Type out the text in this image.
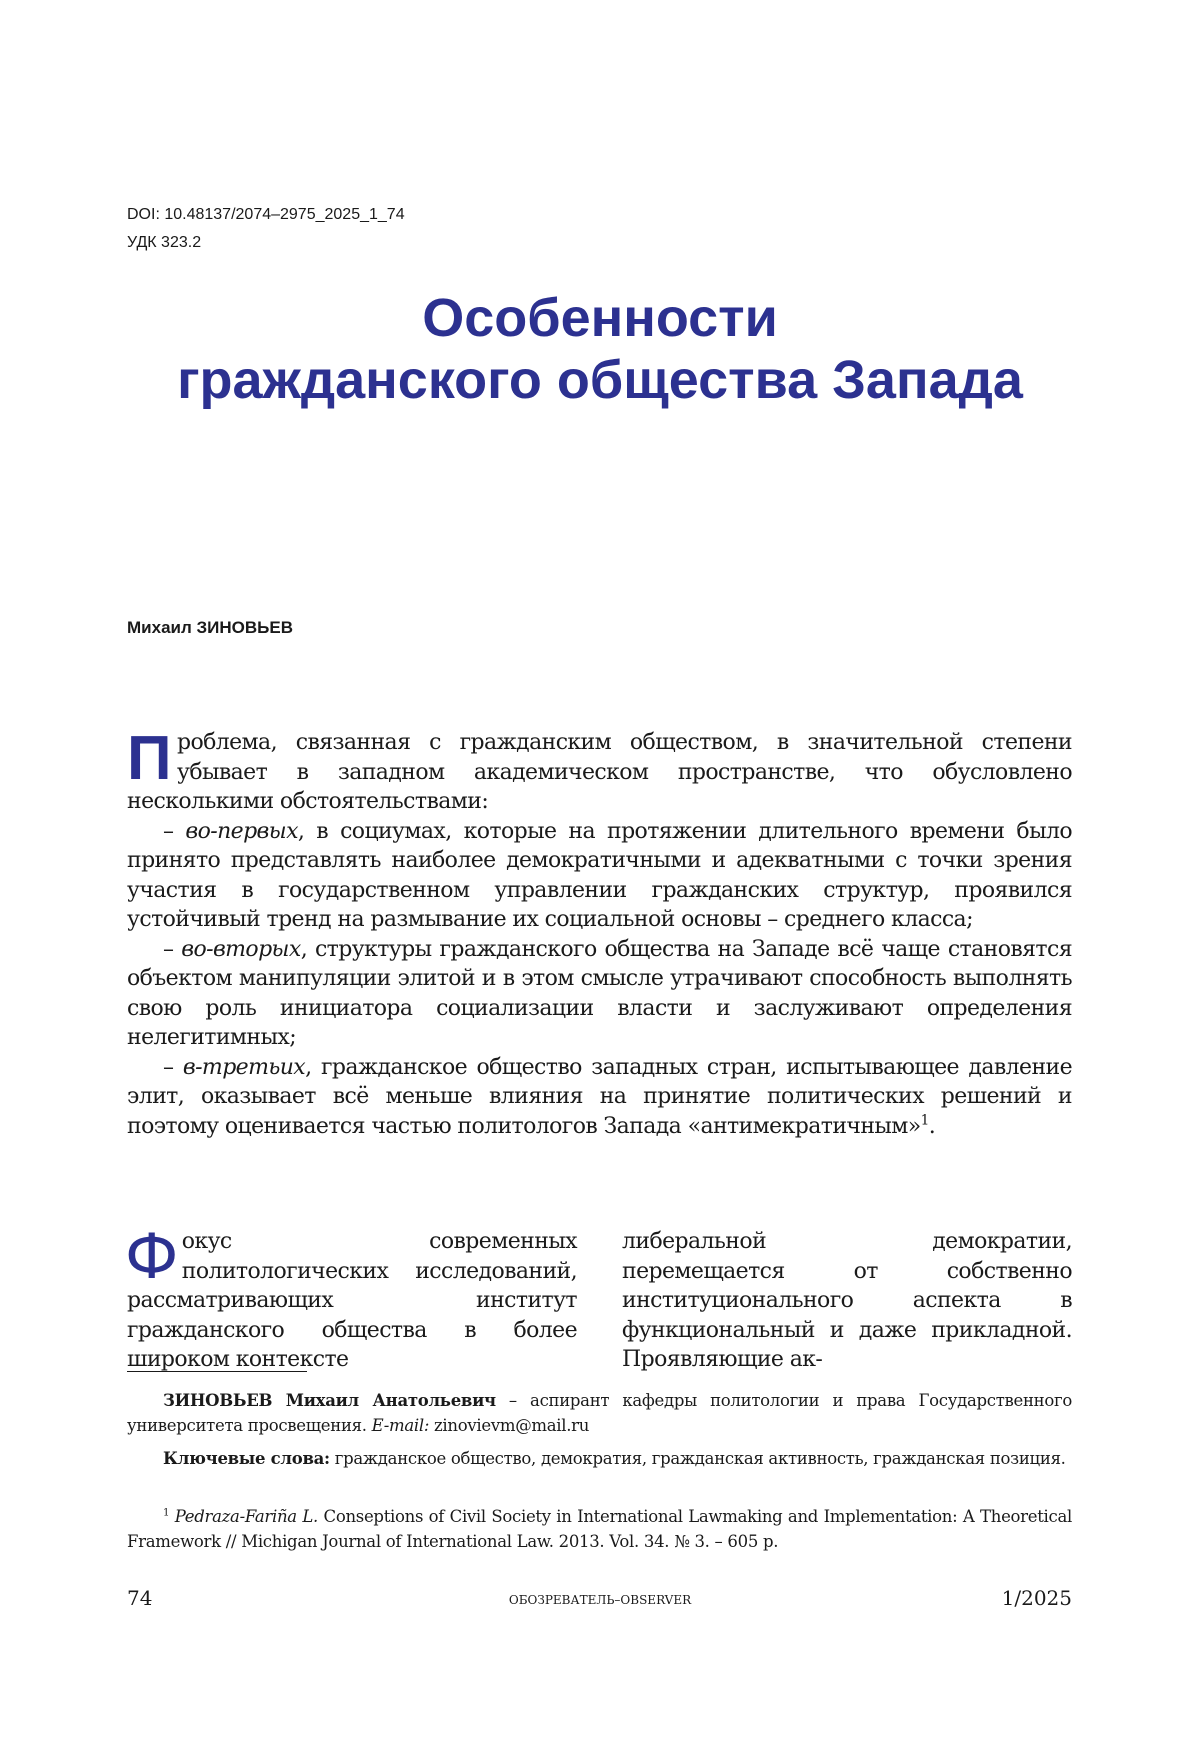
DOI: 10.48137/2074–2975_2025_1_74
УДК 323.2
Особенности
гражданского общества Запада
Михаил ЗИНОВЬЕВ

П роблема, связанная с гражданским обществом, в значительной степени убывает в западном академическом пространстве, что обусловлено несколькими обстоятельствами:

– во-первых, в социумах, которые на протяжении длительного времени было принято представлять наиболее демократичными и адекватными с точки зрения участия в государственном управлении гражданских структур, проявился устойчивый тренд на размывание их социальной основы – среднего класса;

– во-вторых, структуры гражданского общества на Западе всё чаще становятся объектом манипуляции элитой и в этом смысле утрачивают способность выполнять свою роль инициатора социализации власти и заслуживают определения нелегитимных;

– в-третьих, гражданское общество западных стран, испытывающее давление элит, оказывает всё меньше влияния на принятие политических решений и поэтому оценивается частью политологов Запада «антимекратичным»1.

Ф окус современных политологических исследований, рассматривающих институт гражданского общества в более широком контексте

либеральной демократии, перемещается от собственно институционального аспекта в функциональный и даже прикладной. Проявляющие ак-

ЗИНОВЬЕВ Михаил Анатольевич – аспирант кафедры политологии и права Государственного университета просвещения. E-mail: zinovievm@mail.ru

Ключевые слова: гражданское общество, демократия, гражданская активность, гражданская позиция.

1 Pedraza-Fariña L. Conseptions of Civil Society in International Lawmaking and Implementation: A Theoretical Framework // Michigan Journal of International Law. 2013. Vol. 34. № 3. – 605 p.

74	ОБОЗРЕВАТЕЛЬ–OBSERVER	1/2025
